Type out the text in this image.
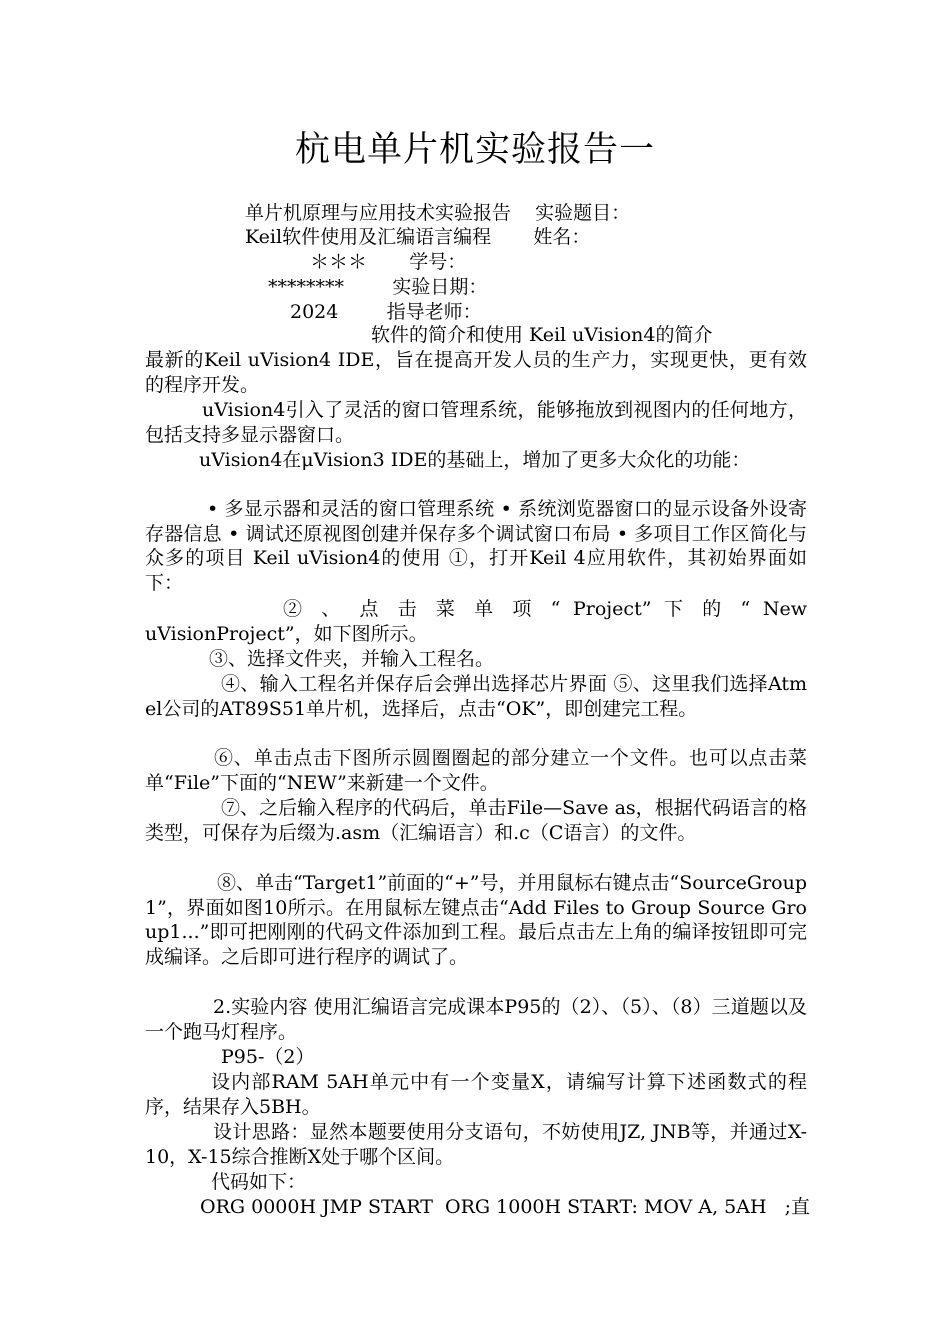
杭电单片机实验报告一
单片机原理与应用技术实验报告    实验题目：
Keil软件使用及汇编语言编程       姓名：
＊＊＊       学号：
********        实验日期：
2024        指导老师：

软件的简介和使用 Keil uVision4的简介

最新的Keil uVision4 IDE，旨在提高开发人员的生产力，实现更快，更有效的程序开发。

uVision4引入了灵活的窗口管理系统，能够拖放到视图内的任何地方，包括支持多显示器窗口。

uVision4在μVision3 IDE的基础上，增加了更多大众化的功能：

• 多显示器和灵活的窗口管理系统 • 系统浏览器窗口的显示设备外设寄存器信息 • 调试还原视图创建并保存多个调试窗口布局 • 多项目工作区简化与众多的项目 Keil uVision4的使用 ①，打开Keil 4应用软件，其初始界面如下：

② 、 点 击 菜 单 项 “ Project” 下 的 “ New

uVisionProject”，如下图所示。

③、选择文件夹，并输入工程名。

④、输入工程名并保存后会弹出选择芯片界面 ⑤、这里我们选择Atmel公司的AT89S51单片机，选择后，点击“OK”，即创建完工程。

⑥、单击点击下图所示圆圈圈起的部分建立一个文件。也可以点击菜单“File”下面的“NEW”来新建一个文件。

⑦、之后输入程序的代码后，单击File—Save as，根据代码语言的格类型，可保存为后缀为.asm（汇编语言）和.c（C语言）的文件。

⑧、单击“Target1”前面的“+”号，并用鼠标右键点击“SourceGroup1”，界面如图10所示。在用鼠标左键点击“Add Files to Group Source Group1...”即可把刚刚的代码文件添加到工程。最后点击左上角的编译按钮即可完成编译。之后即可进行程序的调试了。

2.实验内容 使用汇编语言完成课本P95的（2）、（5）、（8）三道题以及一个跑马灯程序。

P95-（2）

设内部RAM 5AH单元中有一个变量X，请编写计算下述函数式的程序，结果存入5BH。

设计思路：显然本题要使用分支语句，不妨使用JZ, JNB等，并通过X-10，X-15综合推断X处于哪个区间。

代码如下：

ORG 0000H JMP START  ORG 1000H START: MOV A, 5AH   ;直
